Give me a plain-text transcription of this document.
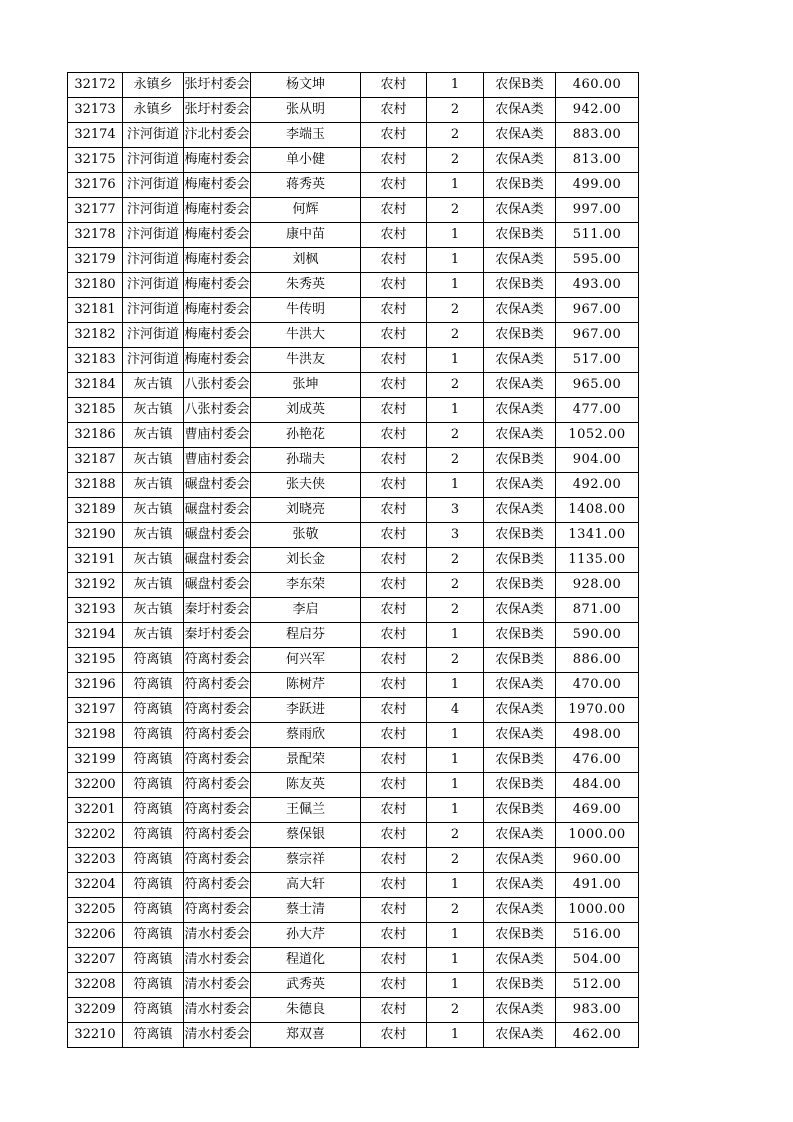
32172	永镇乡	张圩村委会	杨文坤	农村	1	农保B类	460.00
32173	永镇乡	张圩村委会	张从明	农村	2	农保A类	942.00
32174	汴河街道	汴北村委会	李端玉	农村	2	农保A类	883.00
32175	汴河街道	梅庵村委会	单小健	农村	2	农保A类	813.00
32176	汴河街道	梅庵村委会	蒋秀英	农村	1	农保B类	499.00
32177	汴河街道	梅庵村委会	何辉	农村	2	农保A类	997.00
32178	汴河街道	梅庵村委会	康中苗	农村	1	农保B类	511.00
32179	汴河街道	梅庵村委会	刘枫	农村	1	农保A类	595.00
32180	汴河街道	梅庵村委会	朱秀英	农村	1	农保B类	493.00
32181	汴河街道	梅庵村委会	牛传明	农村	2	农保A类	967.00
32182	汴河街道	梅庵村委会	牛洪大	农村	2	农保B类	967.00
32183	汴河街道	梅庵村委会	牛洪友	农村	1	农保A类	517.00
32184	灰古镇	八张村委会	张坤	农村	2	农保A类	965.00
32185	灰古镇	八张村委会	刘成英	农村	1	农保A类	477.00
32186	灰古镇	曹庙村委会	孙艳花	农村	2	农保A类	1052.00
32187	灰古镇	曹庙村委会	孙瑞夫	农村	2	农保B类	904.00
32188	灰古镇	碾盘村委会	张夫侠	农村	1	农保A类	492.00
32189	灰古镇	碾盘村委会	刘晓亮	农村	3	农保A类	1408.00
32190	灰古镇	碾盘村委会	张敬	农村	3	农保B类	1341.00
32191	灰古镇	碾盘村委会	刘长金	农村	2	农保B类	1135.00
32192	灰古镇	碾盘村委会	李东荣	农村	2	农保B类	928.00
32193	灰古镇	秦圩村委会	李启	农村	2	农保A类	871.00
32194	灰古镇	秦圩村委会	程启芬	农村	1	农保B类	590.00
32195	符离镇	符离村委会	何兴军	农村	2	农保B类	886.00
32196	符离镇	符离村委会	陈树芹	农村	1	农保A类	470.00
32197	符离镇	符离村委会	李跃进	农村	4	农保A类	1970.00
32198	符离镇	符离村委会	蔡雨欣	农村	1	农保A类	498.00
32199	符离镇	符离村委会	景配荣	农村	1	农保B类	476.00
32200	符离镇	符离村委会	陈友英	农村	1	农保B类	484.00
32201	符离镇	符离村委会	王佩兰	农村	1	农保B类	469.00
32202	符离镇	符离村委会	蔡保银	农村	2	农保A类	1000.00
32203	符离镇	符离村委会	蔡宗祥	农村	2	农保A类	960.00
32204	符离镇	符离村委会	高大轩	农村	1	农保A类	491.00
32205	符离镇	符离村委会	蔡士清	农村	2	农保A类	1000.00
32206	符离镇	清水村委会	孙大芹	农村	1	农保B类	516.00
32207	符离镇	清水村委会	程道化	农村	1	农保A类	504.00
32208	符离镇	清水村委会	武秀英	农村	1	农保B类	512.00
32209	符离镇	清水村委会	朱德良	农村	2	农保A类	983.00
32210	符离镇	清水村委会	郑双喜	农村	1	农保A类	462.00
